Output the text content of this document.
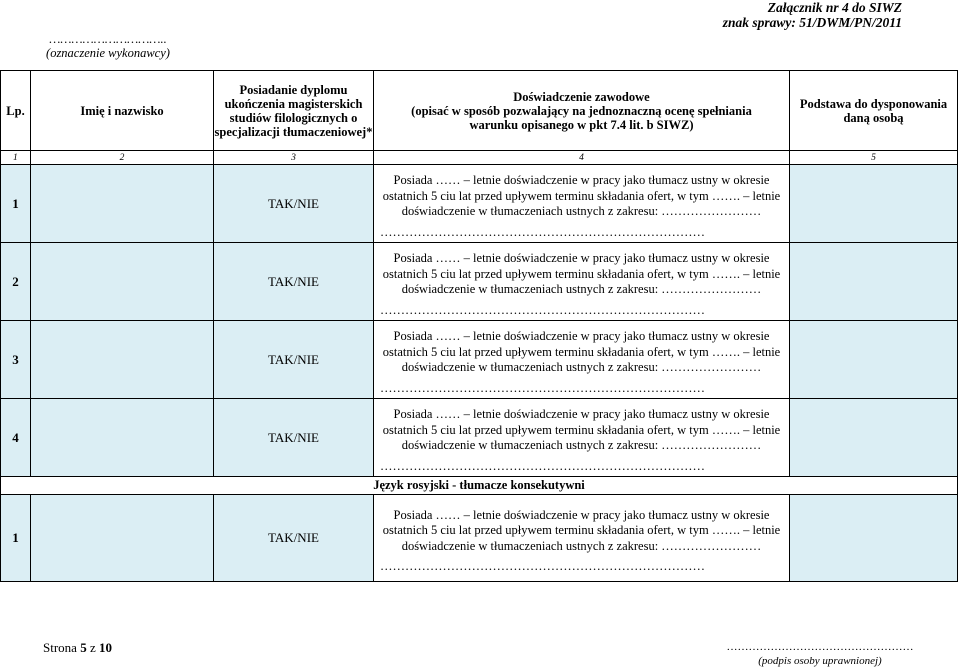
Załącznik nr 4 do SIWZ
znak sprawy: 51/DWM/PN/2011
…………………………..
(oznaczenie wykonawcy)
Lp.	Imię i nazwisko	Posiadanie dyplomu ukończenia magisterskich studiów filologicznych o specjalizacji tłumaczeniowej*	Doświadczenie zawodowe
(opisać w sposób pozwalający na jednoznaczną ocenę spełniania warunku opisanego w pkt 7.4 lit. b SIWZ)	Podstawa do dysponowania daną osobą
1	2	3	4	5
1		TAK/NIE	Posiada …… – letnie doświadczenie w pracy jako tłumacz ustny w okresie ostatnich 5 ciu lat przed upływem terminu składania ofert, w tym ……. – letnie doświadczenie w tłumaczeniach ustnych z zakresu: ……………………
……………………………………………………………………	

2		TAK/NIE	Posiada …… – letnie doświadczenie w pracy jako tłumacz ustny w okresie ostatnich 5 ciu lat przed upływem terminu składania ofert, w tym ……. – letnie doświadczenie w tłumaczeniach ustnych z zakresu: ……………………
……………………………………………………………………	

3		TAK/NIE	Posiada …… – letnie doświadczenie w pracy jako tłumacz ustny w okresie ostatnich 5 ciu lat przed upływem terminu składania ofert, w tym ……. – letnie doświadczenie w tłumaczeniach ustnych z zakresu: ……………………
……………………………………………………………………	

4		TAK/NIE	Posiada …… – letnie doświadczenie w pracy jako tłumacz ustny w okresie ostatnich 5 ciu lat przed upływem terminu składania ofert, w tym ……. – letnie doświadczenie w tłumaczeniach ustnych z zakresu: ……………………
……………………………………………………………………	

Język rosyjski - tłumacze konsekutywni				
1		TAK/NIE	Posiada …… – letnie doświadczenie w pracy jako tłumacz ustny w okresie ostatnich 5 ciu lat przed upływem terminu składania ofert, w tym ……. – letnie doświadczenie w tłumaczeniach ustnych z zakresu: ……………………
……………………………………………………………………	

Strona 5 z 10	……………………………………………
(podpis osoby uprawnionej)
